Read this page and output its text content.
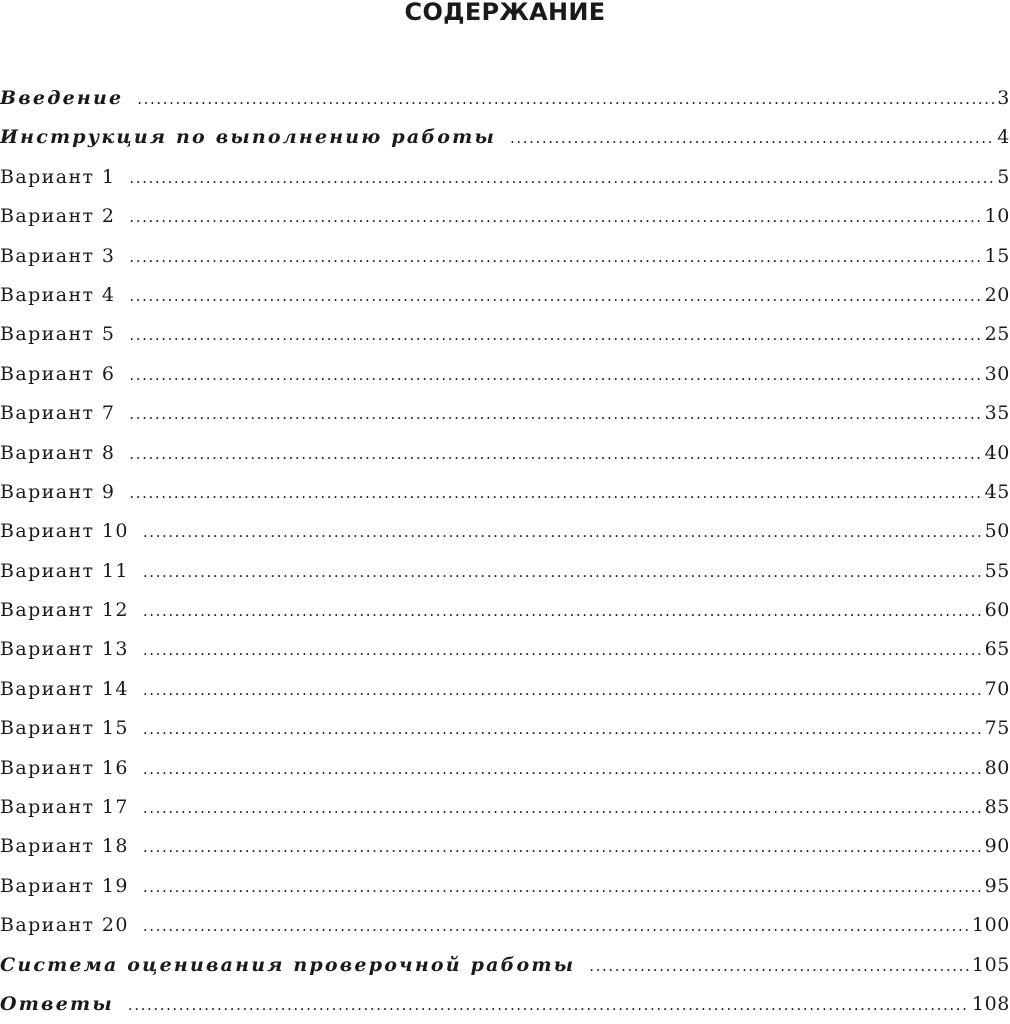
СОДЕРЖАНИЕ
Введение .....	3
Инструкция по выполнению работы .....	4
Вариант 1 .....	5
Вариант 2 .....	10
Вариант 3 .....	15
Вариант 4 .....	20
Вариант 5 .....	25
Вариант 6 .....	30
Вариант 7 .....	35
Вариант 8 .....	40
Вариант 9 .....	45
Вариант 10 .....	50
Вариант 11 .....	55
Вариант 12 .....	60
Вариант 13 .....	65
Вариант 14 .....	70
Вариант 15 .....	75
Вариант 16 .....	80
Вариант 17 .....	85
Вариант 18 .....	90
Вариант 19 .....	95
Вариант 20 .....	100
Система оценивания проверочной работы .....	105
Ответы .....	108
